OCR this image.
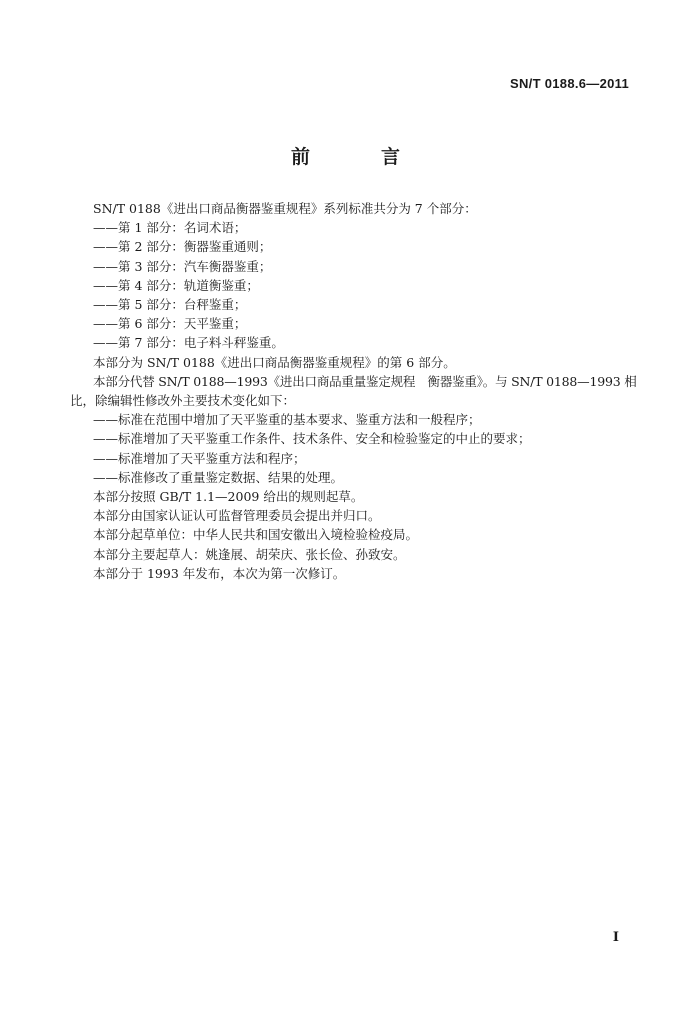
SN/T 0188.6—2011
前　言

SN/T 0188《进出口商品衡器鉴重规程》系列标准共分为 7 个部分：

——第 1 部分：名词术语；

——第 2 部分：衡器鉴重通则；

——第 3 部分：汽车衡器鉴重；

——第 4 部分：轨道衡鉴重；

——第 5 部分：台秤鉴重；

——第 6 部分：天平鉴重；

——第 7 部分：电子料斗秤鉴重。

本部分为 SN/T 0188《进出口商品衡器鉴重规程》的第 6 部分。

本部分代替 SN/T 0188—1993《进出口商品重量鉴定规程　衡器鉴重》。与 SN/T 0188—1993 相

比，除编辑性修改外主要技术变化如下：

——标准在范围中增加了天平鉴重的基本要求、鉴重方法和一般程序；

——标准增加了天平鉴重工作条件、技术条件、安全和检验鉴定的中止的要求；

——标准增加了天平鉴重方法和程序；

——标准修改了重量鉴定数据、结果的处理。

本部分按照 GB/T 1.1—2009 给出的规则起草。

本部分由国家认证认可监督管理委员会提出并归口。

本部分起草单位：中华人民共和国安徽出入境检验检疫局。

本部分主要起草人：姚逢展、胡荣庆、张长俭、孙致安。

本部分于 1993 年发布，本次为第一次修订。

I
